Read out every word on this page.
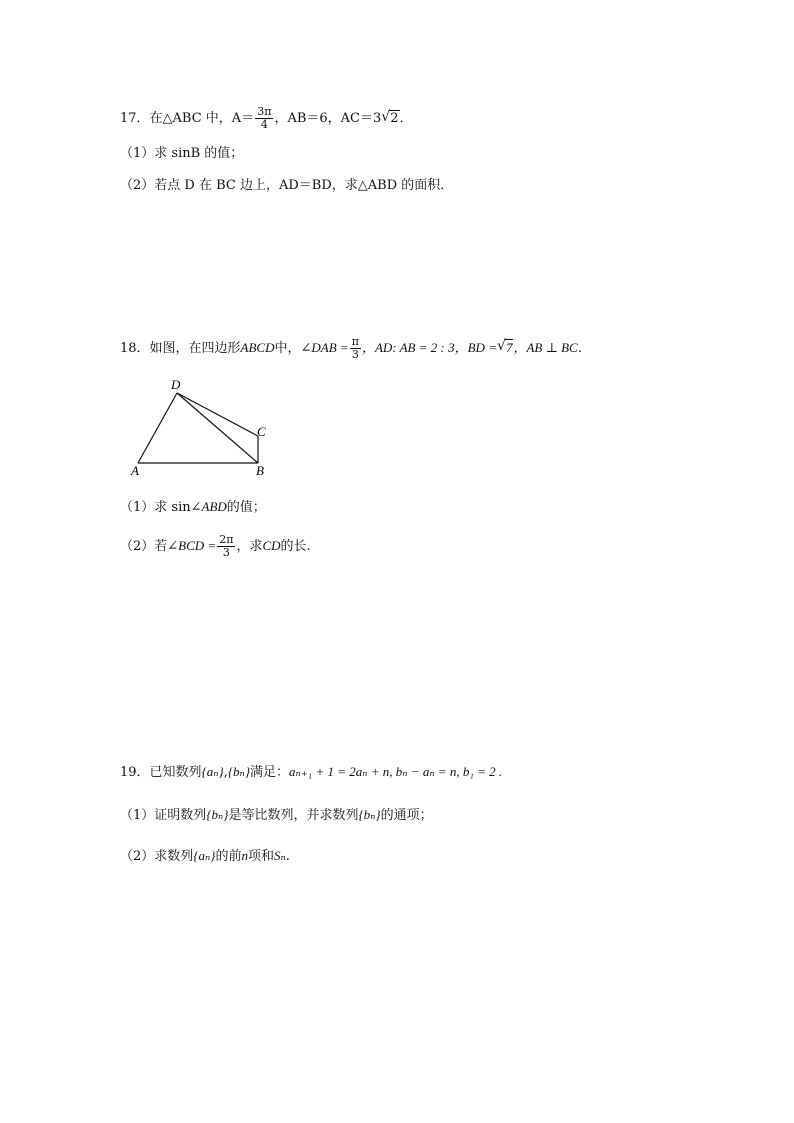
17．在△ABC 中，$A= \frac{3\pi}{4}$ ，AB＝6，AC＝3 √ 2．
（1）求 sinB 的值；
（2）若点 D 在 BC 边上，AD＝BD，求△ABD 的面积．
18．如图，在四边形ABCD中，∠DAB = $\frac{\pi}{3}$ ，AD: AB = 2 : 3，BD = √ 7，AB ⊥ BC．
D
C
A	B
（1）求 sin∠ABD的值；
（2）若∠BCD = $\frac{2\pi}{3}$ ，求CD的长.
19．已知数列{aₙ},{bₙ}满足：aₙ₊₁ + 1 = 2aₙ + n, bₙ − aₙ = n, b₁ = 2 .
（1）证明数列{bₙ}是等比数列，并求数列{bₙ}的通项；
（2）求数列{aₙ}的前n项和Sₙ.
